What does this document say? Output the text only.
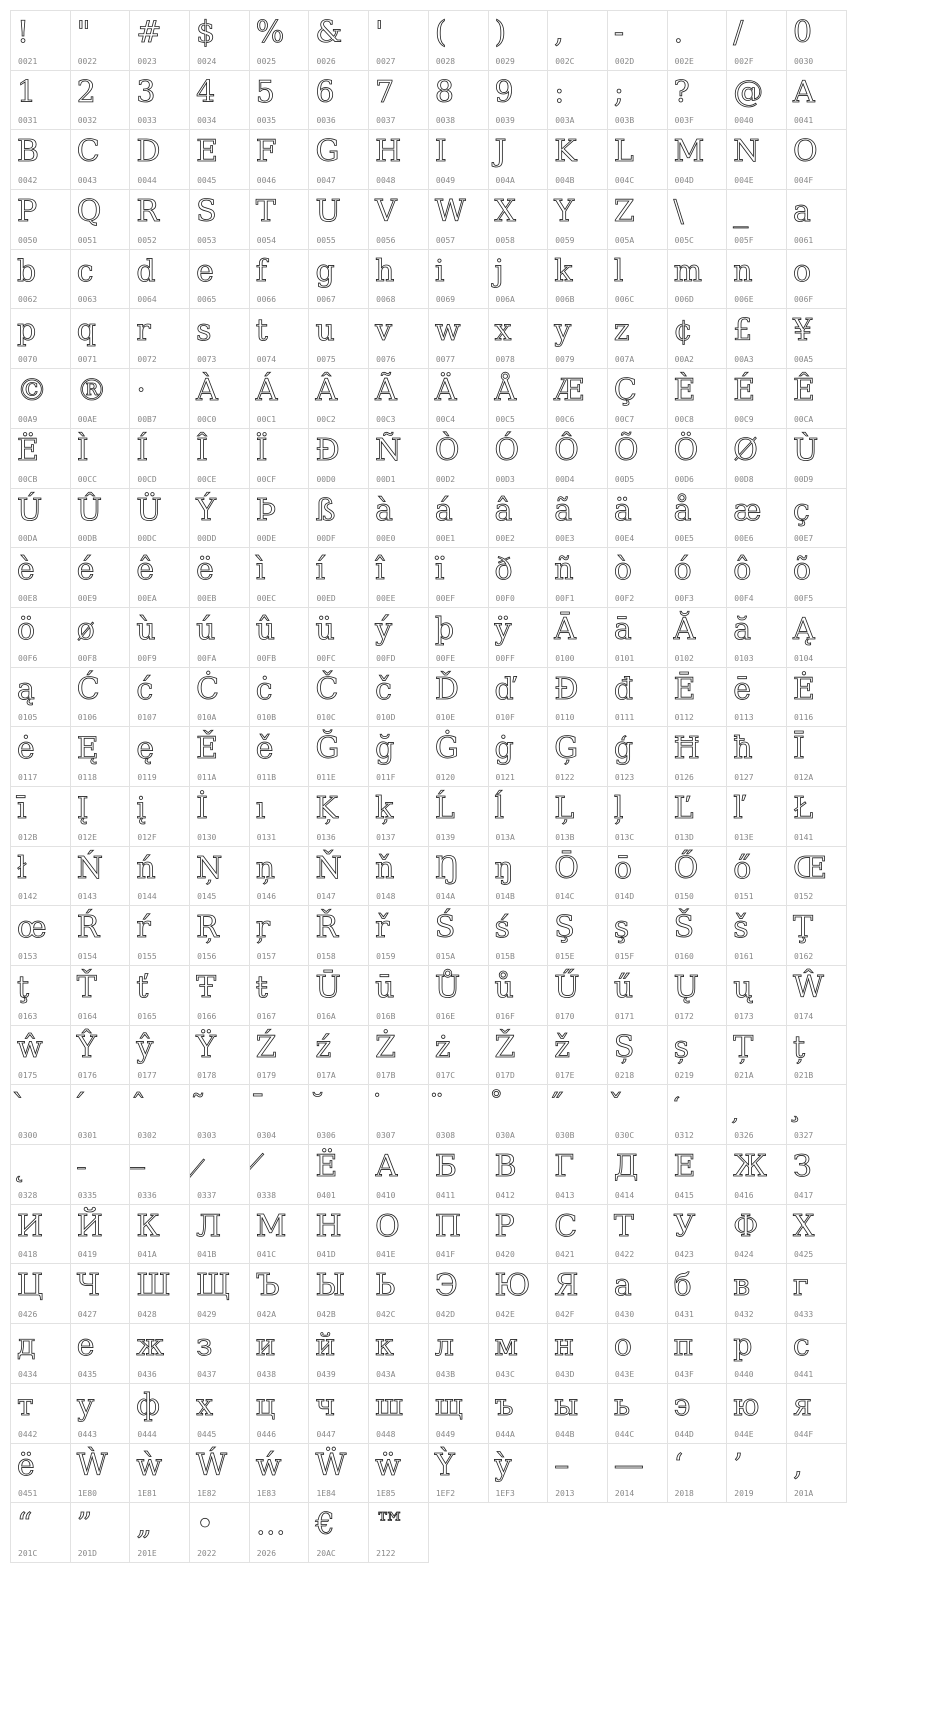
!
0021
"
0022
#
0023
$
0024
%
0025
&
0026
'
0027
(
0028
)
0029
,
002C
-
002D
.
002E
/
002F
0
0030
1
0031
2
0032
3
0033
4
0034
5
0035
6
0036
7
0037
8
0038
9
0039
:
003A
;
003B
?
003F
@
0040
A
0041
B
0042
C
0043
D
0044
E
0045
F
0046
G
0047
H
0048
I
0049
J
004A
K
004B
L
004C
M
004D
N
004E
O
004F
P
0050
Q
0051
R
0052
S
0053
T
0054
U
0055
V
0056
W
0057
X
0058
Y
0059
Z
005A
\
005C
_
005F
a
0061
b
0062
c
0063
d
0064
e
0065
f
0066
g
0067
h
0068
i
0069
j
006A
k
006B
l
006C
m
006D
n
006E
o
006F
p
0070
q
0071
r
0072
s
0073
t
0074
u
0075
v
0076
w
0077
x
0078
y
0079
z
007A
¢
00A2
£
00A3
¥
00A5
©
00A9
®
00AE
·
00B7
À
00C0
Á
00C1
Â
00C2
Ã
00C3
Ä
00C4
Å
00C5
Æ
00C6
Ç
00C7
È
00C8
É
00C9
Ê
00CA
Ë
00CB
Ì
00CC
Í
00CD
Î
00CE
Ï
00CF
Ð
00D0
Ñ
00D1
Ò
00D2
Ó
00D3
Ô
00D4
Õ
00D5
Ö
00D6
Ø
00D8
Ù
00D9
Ú
00DA
Û
00DB
Ü
00DC
Ý
00DD
Þ
00DE
ß
00DF
à
00E0
á
00E1
â
00E2
ã
00E3
ä
00E4
å
00E5
æ
00E6
ç
00E7
è
00E8
é
00E9
ê
00EA
ë
00EB
ì
00EC
í
00ED
î
00EE
ï
00EF
ð
00F0
ñ
00F1
ò
00F2
ó
00F3
ô
00F4
õ
00F5
ö
00F6
ø
00F8
ù
00F9
ú
00FA
û
00FB
ü
00FC
ý
00FD
þ
00FE
ÿ
00FF
Ā
0100
ā
0101
Ă
0102
ă
0103
Ą
0104
ą
0105
Ć
0106
ć
0107
Ċ
010A
ċ
010B
Č
010C
č
010D
Ď
010E
ď
010F
Đ
0110
đ
0111
Ē
0112
ē
0113
Ė
0116
ė
0117
Ę
0118
ę
0119
Ě
011A
ě
011B
Ğ
011E
ğ
011F
Ġ
0120
ġ
0121
Ģ
0122
ģ
0123
Ħ
0126
ħ
0127
Ī
012A
ī
012B
Į
012E
į
012F
İ
0130
ı
0131
Ķ
0136
ķ
0137
Ĺ
0139
ĺ
013A
Ļ
013B
ļ
013C
Ľ
013D
ľ
013E
Ł
0141
ł
0142
Ń
0143
ń
0144
Ņ
0145
ņ
0146
Ň
0147
ň
0148
Ŋ
014A
ŋ
014B
Ō
014C
ō
014D
Ő
0150
ő
0151
Œ
0152
œ
0153
Ŕ
0154
ŕ
0155
Ŗ
0156
ŗ
0157
Ř
0158
ř
0159
Ś
015A
ś
015B
Ş
015E
ş
015F
Š
0160
š
0161
Ţ
0162
ţ
0163
Ť
0164
ť
0165
Ŧ
0166
ŧ
0167
Ū
016A
ū
016B
Ů
016E
ů
016F
Ű
0170
ű
0171
Ų
0172
ų
0173
Ŵ
0174
ŵ
0175
Ŷ
0176
ŷ
0177
Ÿ
0178
Ź
0179
ź
017A
Ż
017B
ż
017C
Ž
017D
ž
017E
Ș
0218
ș
0219
Ț
021A
ț
021B
̀
0300
́
0301
̂
0302
̃
0303
̄
0304
̆
0306
̇
0307
̈
0308
̊
030A
̋
030B
̌
030C
̒
0312
̦
0326
̧
0327
̨
0328
̵
0335
̶
0336
̷
0337
̸
0338
Ё
0401
А
0410
Б
0411
В
0412
Г
0413
Д
0414
Е
0415
Ж
0416
З
0417
И
0418
Й
0419
К
041A
Л
041B
М
041C
Н
041D
О
041E
П
041F
Р
0420
С
0421
Т
0422
У
0423
Ф
0424
Х
0425
Ц
0426
Ч
0427
Ш
0428
Щ
0429
Ъ
042A
Ы
042B
Ь
042C
Э
042D
Ю
042E
Я
042F
а
0430
б
0431
в
0432
г
0433
д
0434
е
0435
ж
0436
з
0437
и
0438
й
0439
к
043A
л
043B
м
043C
н
043D
о
043E
п
043F
р
0440
с
0441
т
0442
у
0443
ф
0444
х
0445
ц
0446
ч
0447
ш
0448
щ
0449
ъ
044A
ы
044B
ь
044C
э
044D
ю
044E
я
044F
ё
0451
Ẁ
1E80
ẁ
1E81
Ẃ
1E82
ẃ
1E83
Ẅ
1E84
ẅ
1E85
Ỳ
1EF2
ỳ
1EF3
–
2013
—
2014
‘
2018
’
2019
‚
201A
“
201C
”
201D
„
201E
•
2022
…
2026
€
20AC
™
2122
